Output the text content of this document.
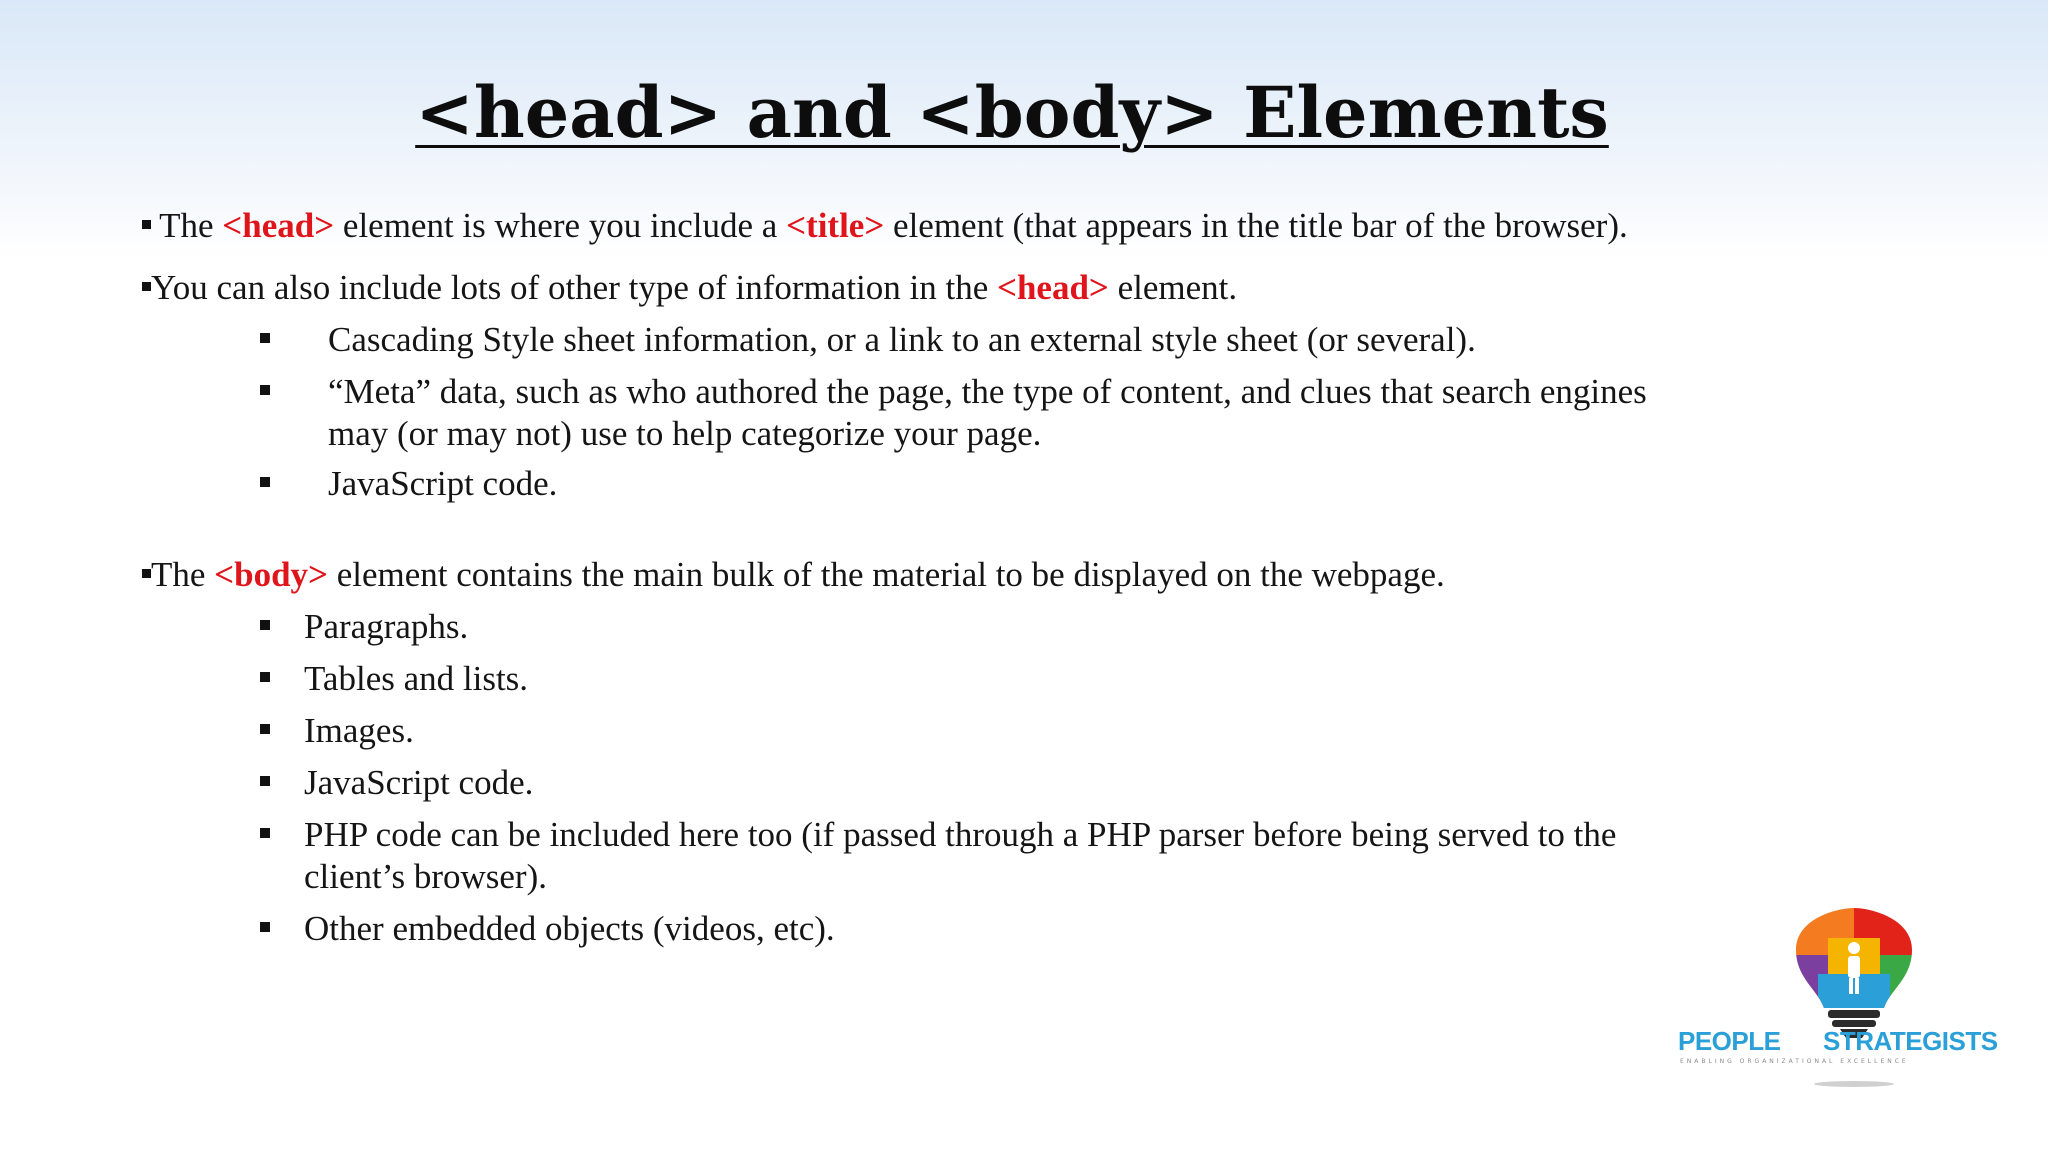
<head> and <body> Elements
The <head> element is where you include a <title> element (that appears in the title bar of the browser).
You can also include lots of other type of information in the <head> element.
Cascading Style sheet information, or a link to an external style sheet (or several).
“Meta” data, such as who authored the page, the type of content, and clues that search engines
may (or may not) use to help categorize your page.
JavaScript code.
The <body> element contains the main bulk of the material to be displayed on the webpage.
Paragraphs.
Tables and lists.
Images.
JavaScript code.
PHP code can be included here too (if passed through a PHP parser before being served to the
client’s browser).
Other embedded objects (videos, etc).
PEOPLE STRATEGISTS
ENABLING ORGANIZATIONAL EXCELLENCE
